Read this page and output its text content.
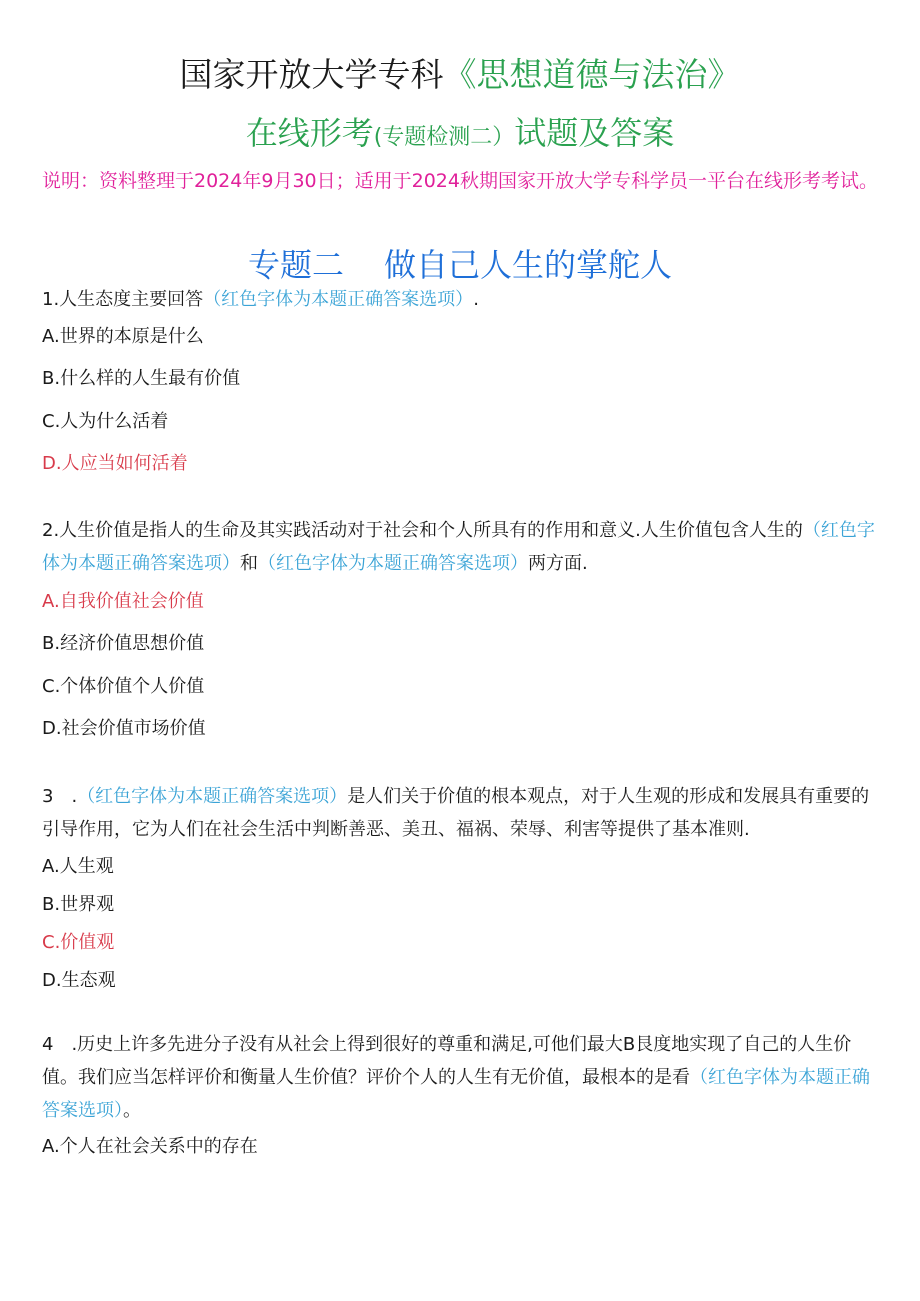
国家开放大学专科《思想道德与法治》
在线形考(专题检测二）试题及答案
说明：资料整理于2024年9月30日；适用于2024秋期国家开放大学专科学员一平台在线形考考试。
专题二 做自己人生的掌舵人
1.人生态度主要回答（红色字体为本题正确答案选项）.
A.世界的本原是什么
B.什么样的人生最有价值
C.人为什么活着
D.人应当如何活着
2.人生价值是指人的生命及其实践活动对于社会和个人所具有的作用和意义.人生价值包含人生的（红色字体为本题正确答案选项）和（红色字体为本题正确答案选项）两方面.
A.自我价值社会价值
B.经济价值思想价值
C.个体价值个人价值
D.社会价值市场价值
3　.（红色字体为本题正确答案选项）是人们关于价值的根本观点，对于人生观的形成和发展具有重要的引导作用，它为人们在社会生活中判断善恶、美丑、福祸、荣辱、利害等提供了基本准则.
A.人生观
B.世界观
C.价值观
D.生态观
4　.历史上许多先进分子没有从社会上得到很好的尊重和满足,可他们最大B艮度地实现了自己的人生价值。我们应当怎样评价和衡量人生价值？评价个人的人生有无价值，最根本的是看（红色字体为本题正确答案选项）。
A.个人在社会关系中的存在
